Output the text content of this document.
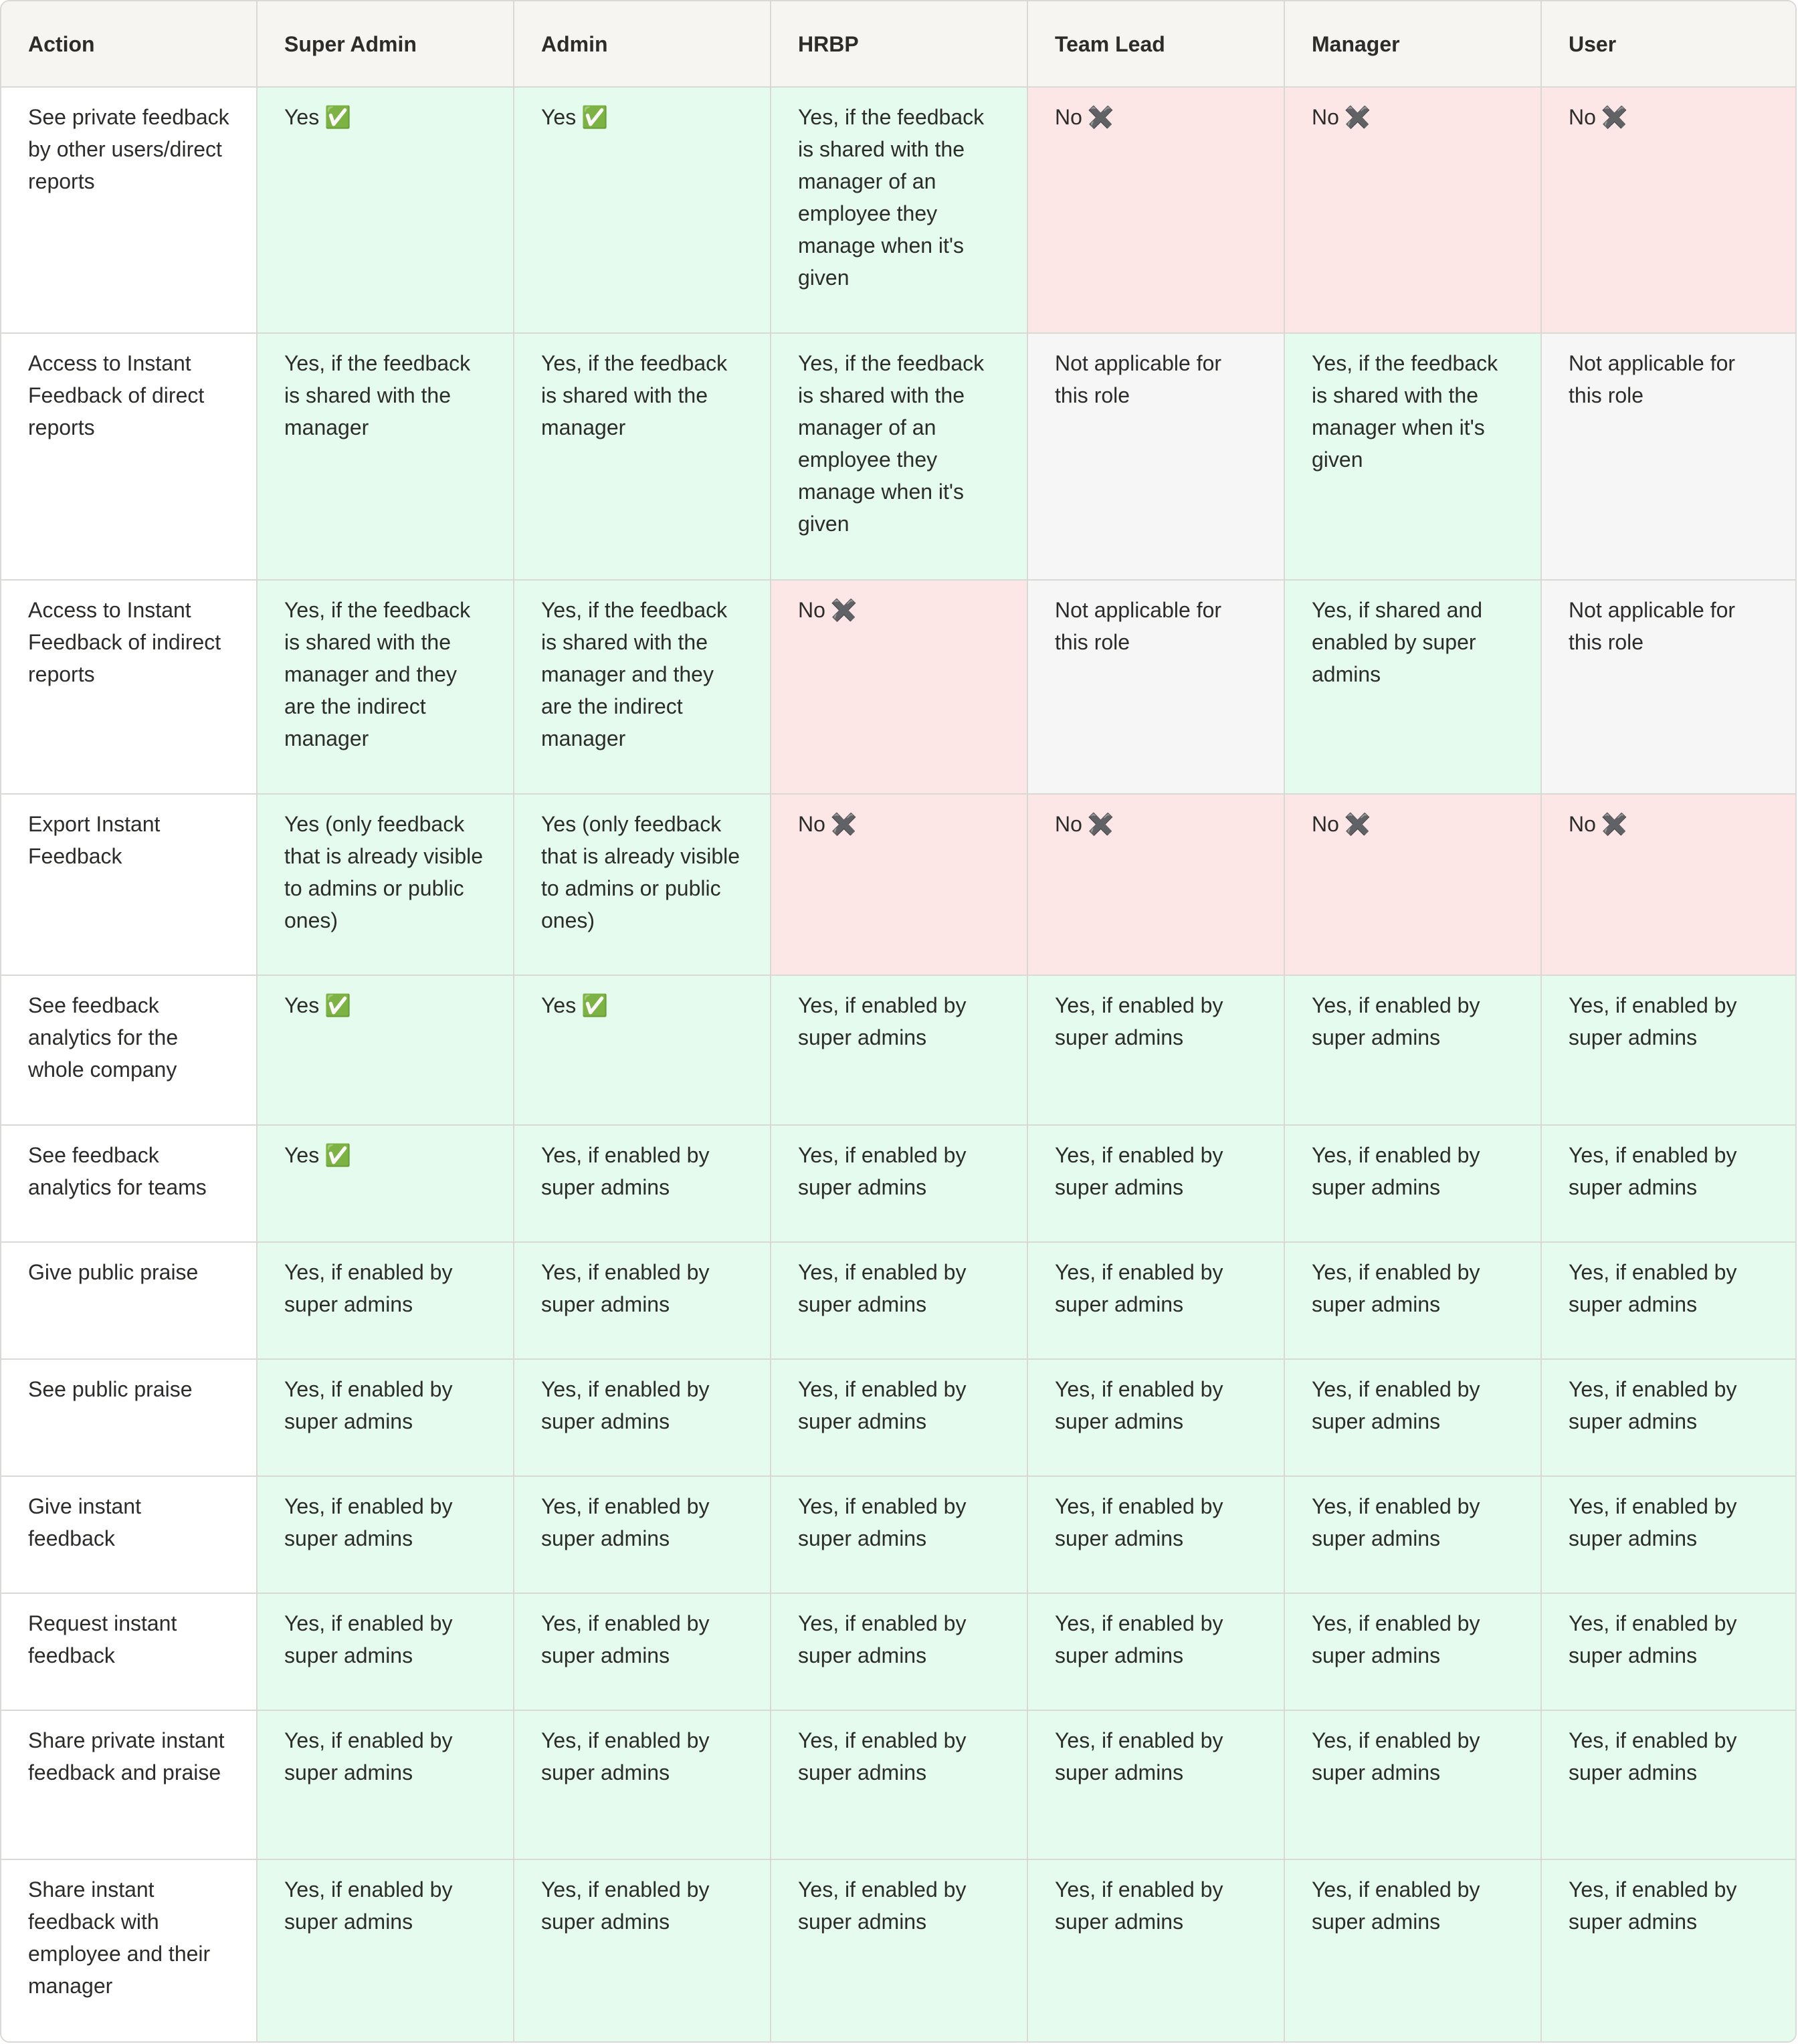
Action	Super Admin	Admin	HRBP	Team Lead	Manager	User
See private feedback by other users/direct reports	Yes ✅	Yes ✅	Yes, if the feedback is shared with the manager of an employee they manage when it's given	No ✖️	No ✖️	No ✖️
Access to Instant Feedback of direct reports	Yes, if the feedback is shared with the manager	Yes, if the feedback is shared with the manager	Yes, if the feedback is shared with the manager of an employee they manage when it's given	Not applicable for this role	Yes, if the feedback is shared with the manager when it's given	Not applicable for this role
Access to Instant Feedback of indirect reports	Yes, if the feedback is shared with the manager and they are the indirect manager	Yes, if the feedback is shared with the manager and they are the indirect manager	No ✖️	Not applicable for this role	Yes, if shared and enabled by super admins	Not applicable for this role
Export Instant Feedback	Yes (only feedback that is already visible to admins or public ones)	Yes (only feedback that is already visible to admins or public ones)	No ✖️	No ✖️	No ✖️	No ✖️
See feedback analytics for the whole company	Yes ✅	Yes ✅	Yes, if enabled by super admins	Yes, if enabled by super admins	Yes, if enabled by super admins	Yes, if enabled by super admins
See feedback analytics for teams	Yes ✅	Yes, if enabled by super admins	Yes, if enabled by super admins	Yes, if enabled by super admins	Yes, if enabled by super admins	Yes, if enabled by super admins
Give public praise	Yes, if enabled by super admins	Yes, if enabled by super admins	Yes, if enabled by super admins	Yes, if enabled by super admins	Yes, if enabled by super admins	Yes, if enabled by super admins
See public praise	Yes, if enabled by super admins	Yes, if enabled by super admins	Yes, if enabled by super admins	Yes, if enabled by super admins	Yes, if enabled by super admins	Yes, if enabled by super admins
Give instant feedback	Yes, if enabled by super admins	Yes, if enabled by super admins	Yes, if enabled by super admins	Yes, if enabled by super admins	Yes, if enabled by super admins	Yes, if enabled by super admins
Request instant feedback	Yes, if enabled by super admins	Yes, if enabled by super admins	Yes, if enabled by super admins	Yes, if enabled by super admins	Yes, if enabled by super admins	Yes, if enabled by super admins
Share private instant feedback and praise	Yes, if enabled by super admins	Yes, if enabled by super admins	Yes, if enabled by super admins	Yes, if enabled by super admins	Yes, if enabled by super admins	Yes, if enabled by super admins
Share instant feedback with employee and their manager	Yes, if enabled by super admins	Yes, if enabled by super admins	Yes, if enabled by super admins	Yes, if enabled by super admins	Yes, if enabled by super admins	Yes, if enabled by super admins
